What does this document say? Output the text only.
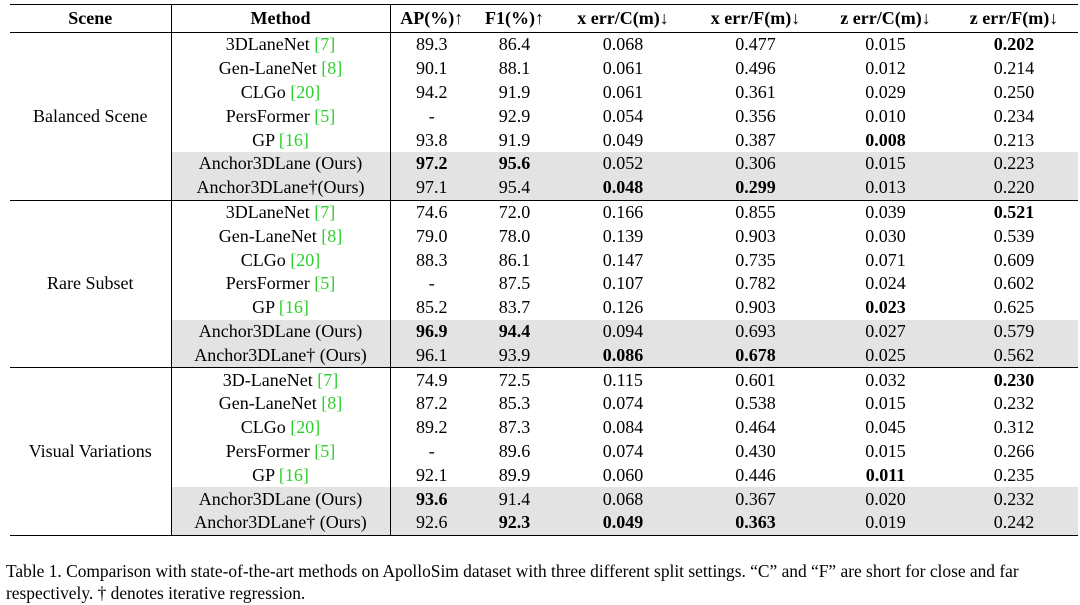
Scene	Method	AP(%)↑	F1(%)↑	x err/C(m)↓	x err/F(m)↓	z err/C(m)↓	z err/F(m)↓
Balanced Scene	3DLaneNet [7]	89.3	86.4	0.068	0.477	0.015	0.202
	Gen-LaneNet [8]	90.1	88.1	0.061	0.496	0.012	0.214
	CLGo [20]	94.2	91.9	0.061	0.361	0.029	0.250
	PersFormer [5]	-	92.9	0.054	0.356	0.010	0.234
	GP [16]	93.8	91.9	0.049	0.387	0.008	0.213
	Anchor3DLane (Ours)	97.2	95.6	0.052	0.306	0.015	0.223
	Anchor3DLane†(Ours)	97.1	95.4	0.048	0.299	0.013	0.220
Rare Subset	3DLaneNet [7]	74.6	72.0	0.166	0.855	0.039	0.521
	Gen-LaneNet [8]	79.0	78.0	0.139	0.903	0.030	0.539
	CLGo [20]	88.3	86.1	0.147	0.735	0.071	0.609
	PersFormer [5]	-	87.5	0.107	0.782	0.024	0.602
	GP [16]	85.2	83.7	0.126	0.903	0.023	0.625
	Anchor3DLane (Ours)	96.9	94.4	0.094	0.693	0.027	0.579
	Anchor3DLane† (Ours)	96.1	93.9	0.086	0.678	0.025	0.562
Visual Variations	3D-LaneNet [7]	74.9	72.5	0.115	0.601	0.032	0.230
	Gen-LaneNet [8]	87.2	85.3	0.074	0.538	0.015	0.232
	CLGo [20]	89.2	87.3	0.084	0.464	0.045	0.312
	PersFormer [5]	-	89.6	0.074	0.430	0.015	0.266
	GP [16]	92.1	89.9	0.060	0.446	0.011	0.235
	Anchor3DLane (Ours)	93.6	91.4	0.068	0.367	0.020	0.232
	Anchor3DLane† (Ours)	92.6	92.3	0.049	0.363	0.019	0.242
Table 1. Comparison with state-of-the-art methods on ApolloSim dataset with three different split settings. “C” and “F” are short for close and far respectively. † denotes iterative regression.
